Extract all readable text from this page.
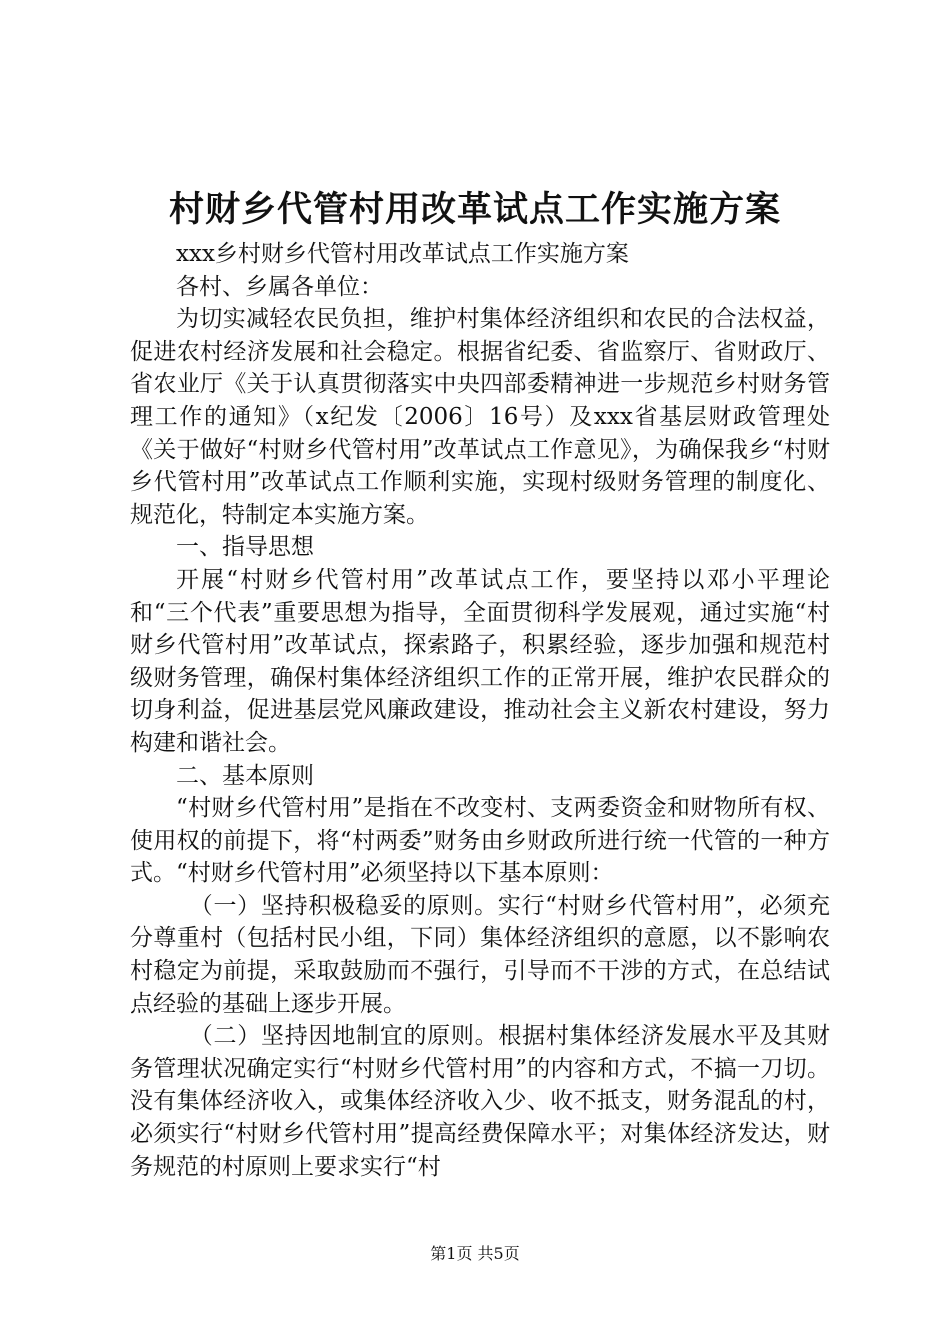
村财乡代管村用改革试点工作实施方案

xxx乡村财乡代管村用改革试点工作实施方案

各村、乡属各单位：

为切实减轻农民负担，维护村集体经济组织和农民的合法权益，促进农村经济发展和社会稳定。根据省纪委、省监察厅、省财政厅、省农业厅《关于认真贯彻落实中央四部委精神进一步规范乡村财务管理工作的通知》（x纪发〔2006〕16号）及xxx省基层财政管理处《关于做好“村财乡代管村用”改革试点工作意见》，为确保我乡“村财乡代管村用”改革试点工作顺利实施，实现村级财务管理的制度化、规范化，特制定本实施方案。

一、指导思想

开展“村财乡代管村用”改革试点工作，要坚持以邓小平理论和“三个代表”重要思想为指导，全面贯彻科学发展观，通过实施“村财乡代管村用”改革试点，探索路子，积累经验，逐步加强和规范村级财务管理，确保村集体经济组织工作的正常开展，维护农民群众的切身利益，促进基层党风廉政建设，推动社会主义新农村建设，努力构建和谐社会。

二、基本原则

“村财乡代管村用”是指在不改变村、支两委资金和财物所有权、使用权的前提下，将“村两委”财务由乡财政所进行统一代管的一种方式。“村财乡代管村用”必须坚持以下基本原则：

（一）坚持积极稳妥的原则。实行“村财乡代管村用”，必须充分尊重村（包括村民小组，下同）集体经济组织的意愿，以不影响农村稳定为前提，采取鼓励而不强行，引导而不干涉的方式，在总结试点经验的基础上逐步开展。

（二）坚持因地制宜的原则。根据村集体经济发展水平及其财务管理状况确定实行“村财乡代管村用”的内容和方式，不搞一刀切。没有集体经济收入，或集体经济收入少、收不抵支，财务混乱的村，必须实行“村财乡代管村用”提高经费保障水平；对集体经济发达，财务规范的村原则上要求实行“村

第1页 共5页
